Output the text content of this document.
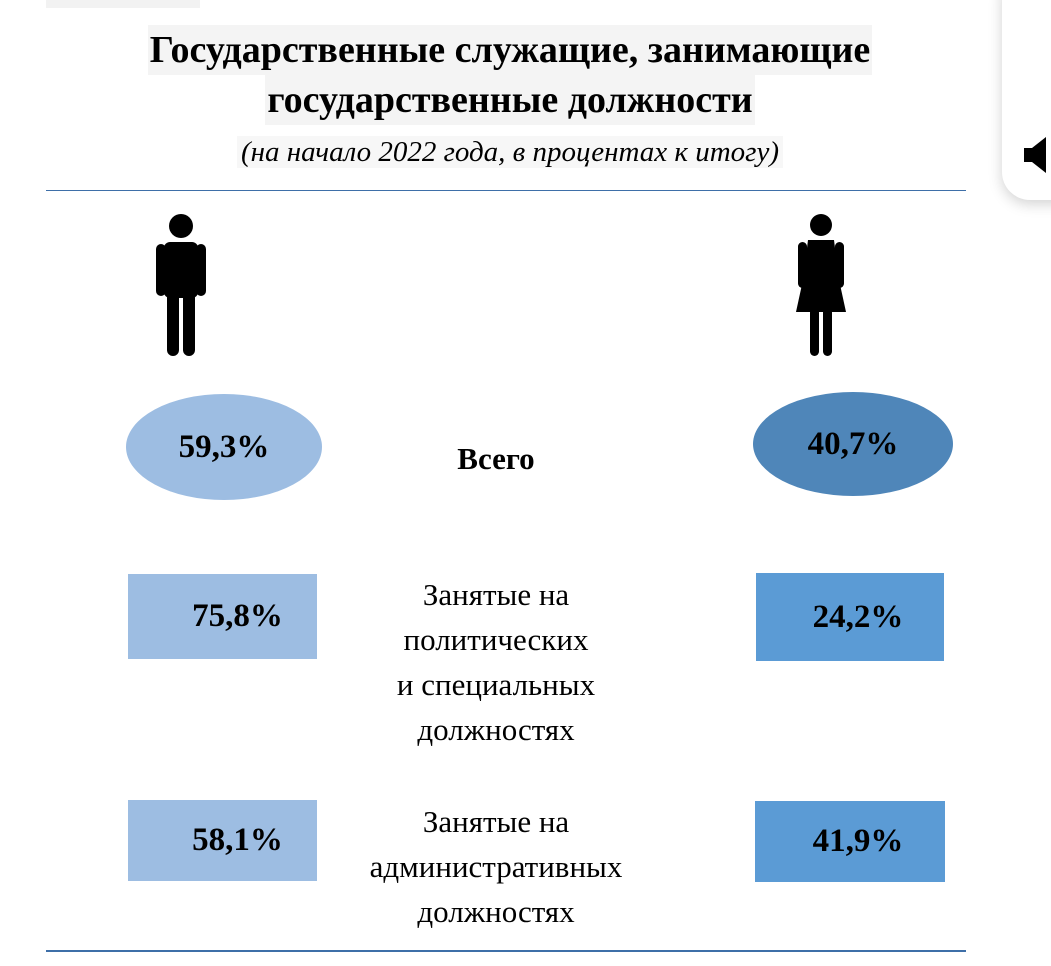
Государственные служащие, занимающие
государственные должности
(на начало 2022 года, в процентах к итогу)
59,3%	Всего	40,7%
75,8%
Занятые на
политических
и специальных
должностях
24,2%
58,1%
Занятые на
административных
должностях
41,9%
